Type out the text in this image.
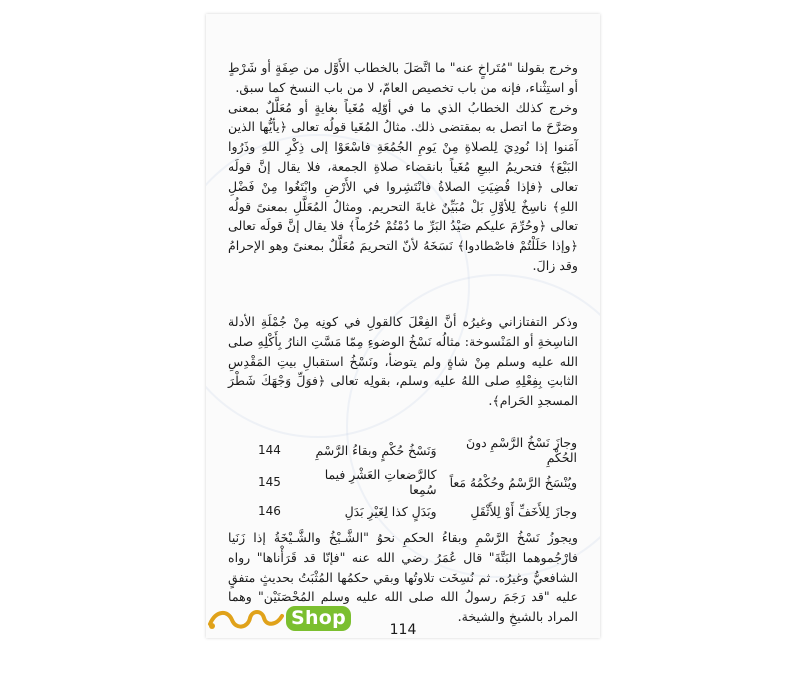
وخرج بقولنا "مُتَراخٍ عنه" ما اتَّصَلَ بالخطاب الأَوَّل من صِفَةٍ أو شَرْطٍ أو استِثْناء، فإنه من باب تخصيص العامّ، لا من باب النسخ كما سبق.

وخرج كذلك الخطابُ الذي ما في أوّلِه مُغَياً بغايةٍ أو مُعَلَّلٌ بمعنى وصَرَّحَ ما اتصل به بمقتضى ذلك. مثالُ المُغَيا قولُه تعالى ﴿يأيُّها الذين آمَنوا إذا نُودِيَ لِلصلاةِ مِنْ يَومِ الجُمُعَةِ فاسْعَوْا إلى ذِكْرِ اللهِ وذَرُوا البَيْعَ﴾ فتحريمُ البيعِ مُغَياً بانقضاء صلاةِ الجمعة، فلا يقال إنَّ قولَه تعالى ﴿فإذا قُضِيَتِ الصلاةُ فانْتَشِروا في الأَرْضِ وابْتَغُوا مِنْ فَضْلِ اللهِ﴾ ناسِخٌ لِلأوَّلِ بَلْ مُبَيِّنٌ غايةَ التحريم. ومثالُ المُعَلَّلِ بمعنىً قولُه تعالى ﴿وحُرِّمَ عليكم صَيْدُ البَرِّ ما دُمْتُمْ حُرُماً﴾ فلا يقال إنَّ قولَه تعالى ﴿وإذا حَلَلْتُمْ فاصْطادوا﴾ نَسَخَهُ لأنّ التحريمَ مُعَلَّلٌ بمعنىً وهو الإحرامُ وقد زالَ.

وذكر التفتازاني وغيرُه أنَّ الفِعْلَ كالقولِ في كونِه مِنْ جُمْلَةِ الأدلة الناسِخةِ أو المَنْسوخة: مثالُه نَسْخُ الوضوءِ مِمّا مَسَّتِ النارُ بِأَكْلِهِ صلى الله عليه وسلم مِنْ شاةٍ ولم يتوضأ، ونَسْخُ استقبالِ بيتِ المَقْدِسِ الثابتِ بِفِعْلِهِ صلى اللهُ عليه وسلم، بقولِه تعالى ﴿فوَلِّ وَجْهَكَ شَطْرَ المسجدِ الحَرام﴾.

144	وَنَسْخُ حُكْمٍ وبقاءُ الرَّسْمِ	وجازَ نَسْخُ الرَّسْمِ دونَ الحُكْمِ
145	كالرَّضعاتِ العَشْرِ فيما سُمِعا	ويُنْسَخُ الرَّسْمُ وحُكْمُهُ مَعاً
146	وبَدَلٍ كذا لِغَيْرِ بَدَلِ	وجازَ لِلأَخَفِّ أَوْ لِلأَثْقَلِ

ويجوزُ نَسْخُ الرَّسْمِ وبقاءُ الحكمِ نحوُ "الشَّـيْخُ والشَّـيْخَةُ إذا زَنَيا فارْجُموهما البَتَّةَ" قال عُمَرُ رضي الله عنه "فإنّا قد قَرَأْناها" رواه الشافعيُّ وغيرُه. ثم نُسِخَت تلاوتُها وبقي حكمُها المُثْبَتُ بحديثٍ متفقٍ عليه "قد رَجَمَ رسولُ الله صلى الله عليه وسلم المُحْصَنَيْن" وهما المراد بالشيخِ والشيخة.

114
Shop
